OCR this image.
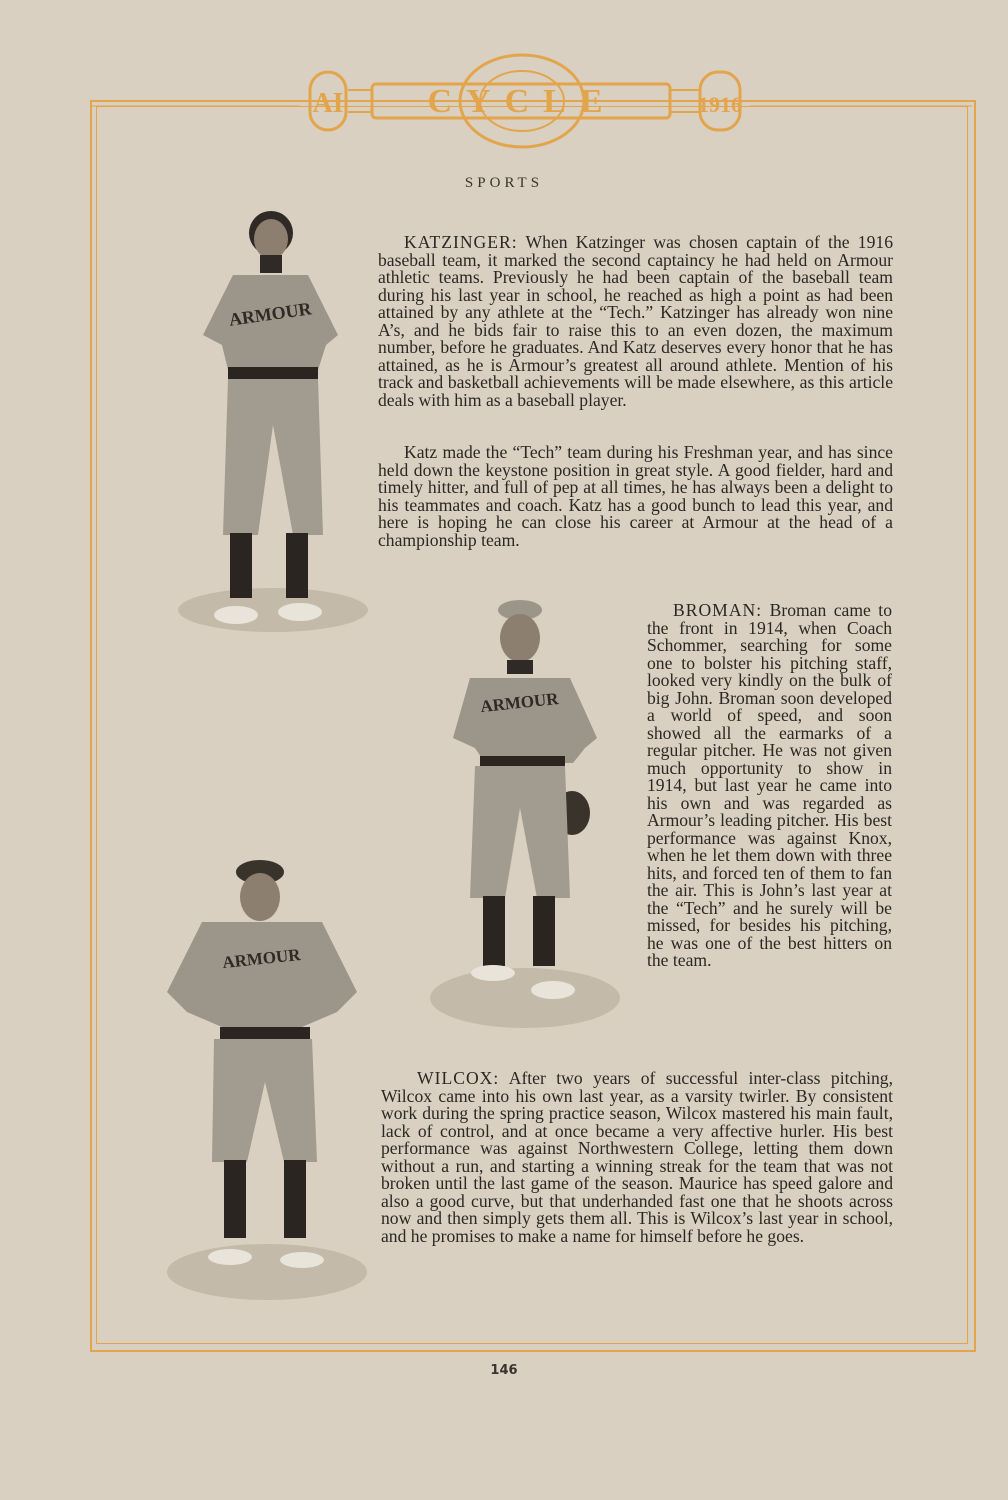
AI CYCLE	1916
SPORTS
ARMOUR

KATZINGER: When Katzinger was chosen captain of the 1916 baseball team, it marked the second captaincy he had held on Armour athletic teams. Previously he had been captain of the baseball team during his last year in school, he reached as high a point as had been attained by any athlete at the “Tech.” Katzinger has already won nine A’s, and he bids fair to raise this to an even dozen, the maximum number, before he graduates. And Katz deserves every honor that he has attained, as he is Armour’s greatest all around athlete. Mention of his track and basketball achievements will be made elsewhere, as this article deals with him as a baseball player.

Katz made the “Tech” team during his Freshman year, and has since held down the keystone position in great style. A good fielder, hard and timely hitter, and full of pep at all times, he has always been a delight to his teammates and coach. Katz has a good bunch to lead this year, and here is hoping he can close his career at Armour at the head of a championship team.

ARMOUR

BROMAN: Broman came to the front in 1914, when Coach Schommer, searching for some one to bolster his pitching staff, looked very kindly on the bulk of big John. Broman soon developed a world of speed, and soon showed all the earmarks of a regular pitcher. He was not given much opportunity to show in 1914, but last year he came into his own and was regarded as Armour’s leading pitcher. His best performance was against Knox, when he let them down with three hits, and forced ten of them to fan the air. This is John’s last year at the “Tech” and he surely will be missed, for besides his pitching, he was one of the best hitters on the team.

ARMOUR

WILCOX: After two years of successful inter-class pitching, Wilcox came into his own last year, as a varsity twirler. By consistent work during the spring practice season, Wilcox mastered his main fault, lack of control, and at once became a very affective hurler. His best performance was against Northwestern College, letting them down without a run, and starting a winning streak for the team that was not broken until the last game of the season. Maurice has speed galore and also a good curve, but that underhanded fast one that he shoots across now and then simply gets them all. This is Wilcox’s last year in school, and he promises to make a name for himself before he goes.

146
